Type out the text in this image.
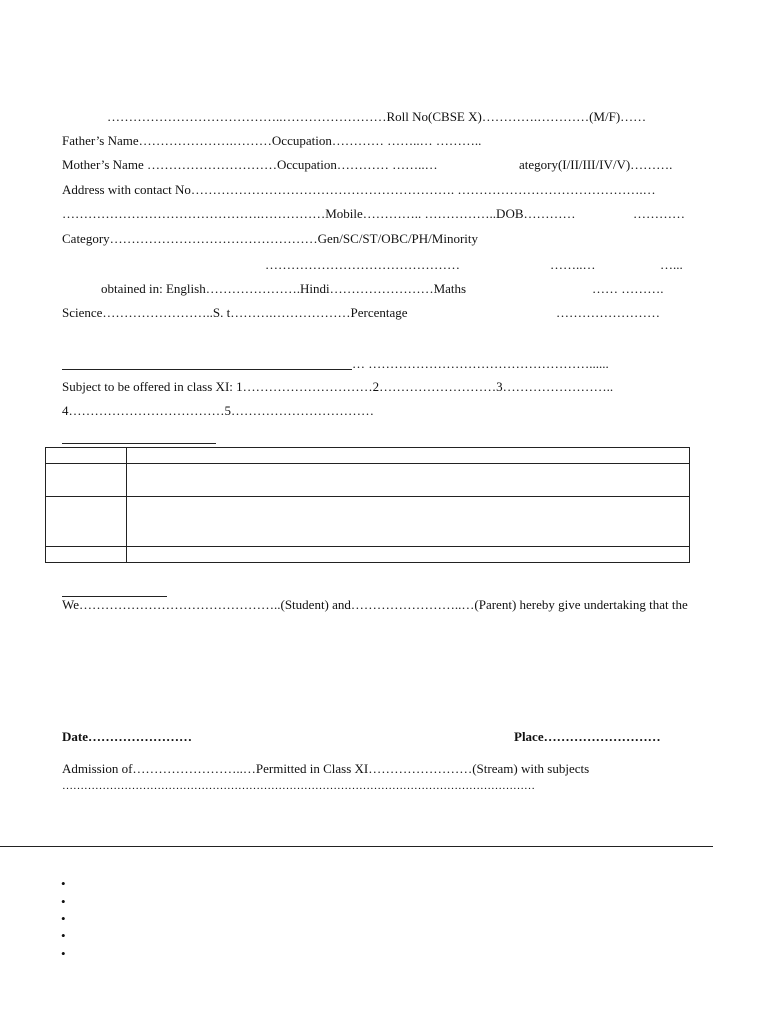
…………………………………..……………………Roll No(CBSE X)………….…………(M/F)……
Father’s Name………………….………Occupation………… ……..… ………..
Mother’s Name …………………………Occupation………… ……..…	ategory(I/II/III/IV/V)……….
Address with contact No……………………………………………………. …………………………………….…
……………………………………….……………Mobile………….. ……………..DOB…………	…………
Category…………………………………………Gen/SC/ST/OBC/PH/Minority
………………………………………	……..…	…...
obtained in: English………………….Hindi……………………Maths	…… ……….
Science……………………..S. t……….………………Percentage	……………………
… ……………………………………………......
Subject to be offered in class XI: 1…………………………2………………………3……………………..
4………………………………5……………………………

We………………………………………..(Student) and……………………..…(Parent) hereby give undertaking that the
Date……………………	Place………………………
Admission of……………………..…Permitted in Class XI……………………(Stream) with subjects
…………………………………………………………………………………………………………………
•
•
•
•
•
